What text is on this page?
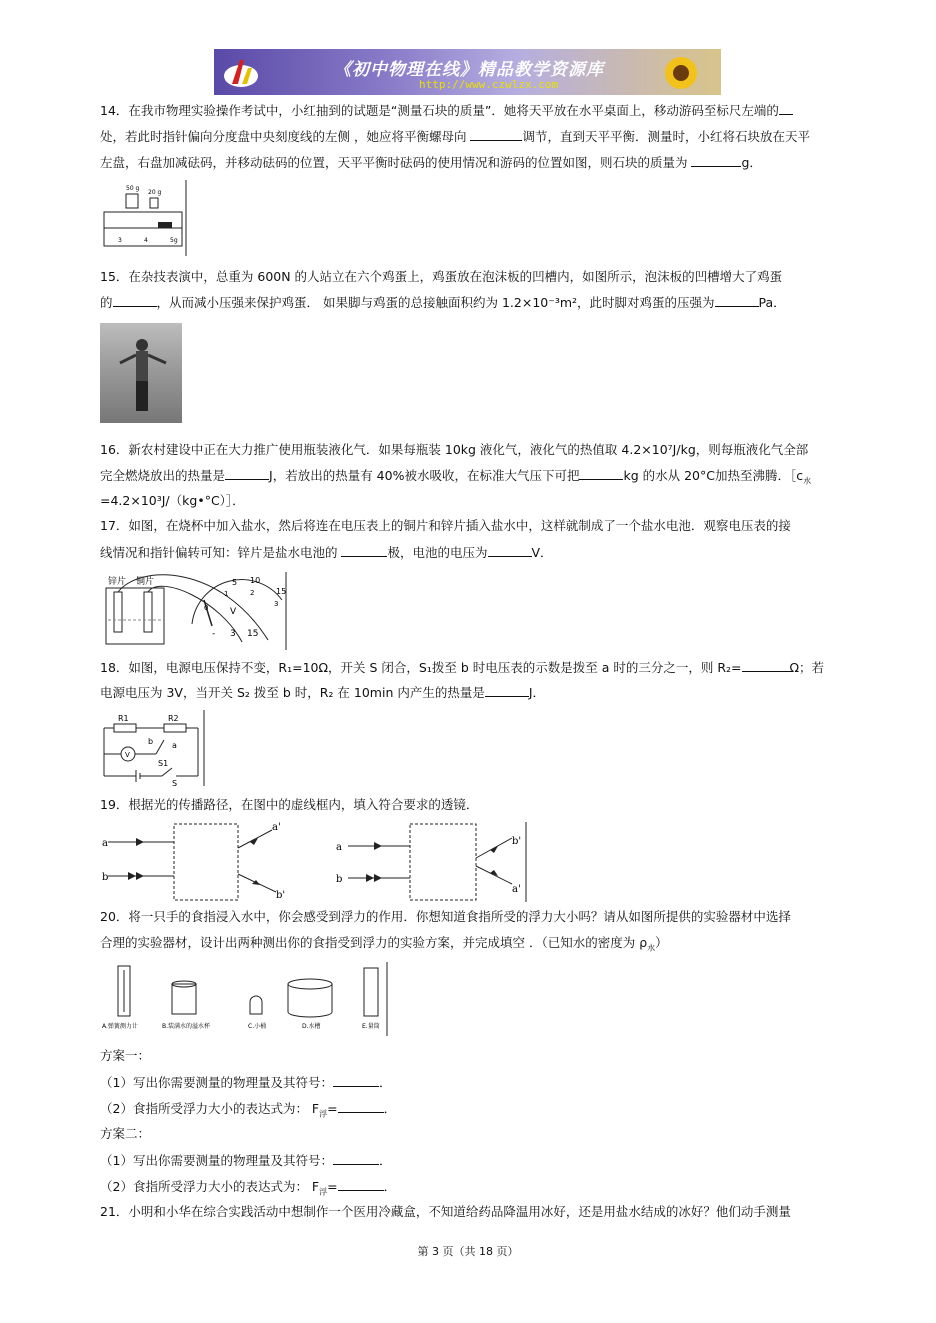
《初中物理在线》精品教学资源库
http://www.czwlzx.com
14．在我市物理实验操作考试中，小红抽到的试题是“测量石块的质量”．她将天平放在水平桌面上，移动游码至标尺左端的
处，若此时指针偏向分度盘中央刻度线的左侧 ，她应将平衡螺母向	调节，直到天平平衡．测量时，小红将石块放在天平
左盘，右盘加减砝码，并移动砝码的位置，天平平衡时砝码的使用情况和游码的位置如图，则石块的质量为	g．
50 g
20 g
3	4	5g
15．在杂技表演中，总重为 600N 的人站立在六个鸡蛋上，鸡蛋放在泡沫板的凹槽内，如图所示，泡沫板的凹槽增大了鸡蛋
的	，从而减小压强来保护鸡蛋． 如果脚与鸡蛋的总接触面积约为 1.2×10⁻³m²，此时脚对鸡蛋的压强为	Pa．
16．新农村建设中正在大力推广使用瓶装液化气．如果每瓶装 10kg 液化气，液化气的热值取 4.2×10⁷J/kg，则每瓶液化气全部
完全燃烧放出的热量是	J，若放出的热量有 40%被水吸收，在标准大气压下可把	kg 的水从 20°C加热至沸腾．$[c_水$
=4.2×10³J/（kg•°C）］．
17．如图，在烧杯中加入盐水，然后将连在电压表上的铜片和锌片插入盐水中，这样就制成了一个盐水电池．观察电压表的接
线情况和指针偏转可知：锌片是盐水电池的	极，电池的电压为	V．
锌片 铜片	5 10
15
0
1	2
3
V
- 3 15
18．如图，电源电压保持不变，R₁=10Ω，开关 S 闭合，S₁拨至 b 时电压表的示数是拨至 a 时的三分之一，则 R₂=	Ω；若
电源电压为 3V，当开关 S₂ 拨至 b 时，R₂ 在 10min 内产生的热量是	J．
R1	R2
b a
S1
S
V
19．根据光的传播路径，在图中的虚线框内，填入符合要求的透镜．
a
b
a'
b'
a
b
b'
a'
20．将一只手的食指浸入水中，你会感受到浮力的作用．你想知道食指所受的浮力大小吗？请从如图所提供的实验器材中选择
合理的实验器材，设计出两种测出你的食指受到浮力的实验方案，并完成填空 ．（已知水的密度为 $\rho_水$）
A.弹簧测力计	B.装满水的溢水杯	C.小桶	D.水槽	E.量筒
方案一：
（1）写出你需要测量的物理量及其符号：	．
（2）食指所受浮力大小的表达式为： $F_浮=$	．
方案二：
（1）写出你需要测量的物理量及其符号：	．
（2）食指所受浮力大小的表达式为： $F_浮=$	．
21．小明和小华在综合实践活动中想制作一个医用冷藏盒，不知道给药品降温用冰好，还是用盐水结成的冰好？他们动手测量
第 3 页（共 18 页）
